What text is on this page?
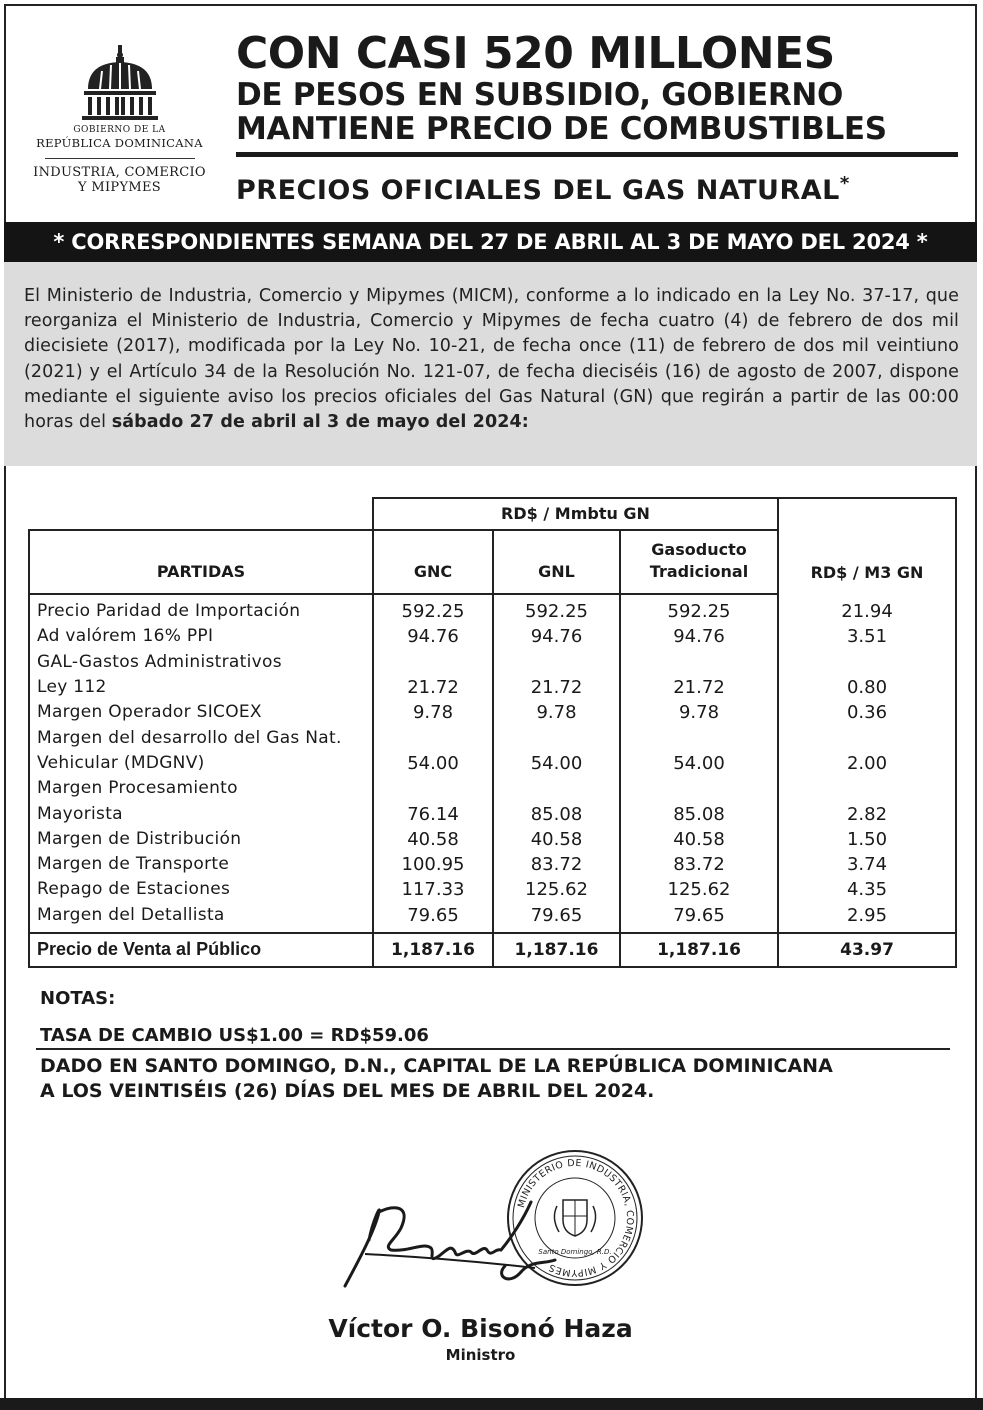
GOBIERNO DE LA
REPÚBLICA DOMINICANA
INDUSTRIA, COMERCIO
Y MIPYMES
CON CASI 520 MILLONES
DE PESOS EN SUBSIDIO, GOBIERNO
MANTIENE PRECIO DE COMBUSTIBLES
PRECIOS OFICIALES DEL GAS NATURAL*
* CORRESPONDIENTES SEMANA DEL 27 DE ABRIL AL 3 DE MAYO DEL 2024 *

El Ministerio de Industria, Comercio y Mipymes (MICM), conforme a lo indicado en la Ley No. 37-17, que reorganiza el Ministerio de Industria, Comercio y Mipymes de fecha cuatro (4) de febrero de dos mil diecisiete (2017), modificada por la Ley No. 10-21, de fecha once (11) de febrero de dos mil veintiuno (2021) y el Artículo 34 de la Resolución No. 121-07, de fecha dieciséis (16) de agosto de 2007, dispone mediante el siguiente aviso los precios oficiales del Gas Natural (GN) que regirán a partir de las 00:00 horas del sábado 27 de abril al 3 de mayo del 2024:

	RD$ / Mmbtu GN			RD$ / M3 GN

PARTIDAS	GNC	GNL	Gasoducto
Tradicional	

Precio Paridad de Importación	592.25	592.25	592.25	21.94
Ad valórem 16% PPI	94.76	94.76	94.76	3.51
GAL-Gastos Administrativos				
Ley 112	21.72	21.72	21.72	0.80
Margen Operador SICOEX	9.78	9.78	9.78	0.36
Margen del desarrollo del Gas Nat.				
Vehicular (MDGNV)	54.00	54.00	54.00	2.00
Margen Procesamiento				
Mayorista	76.14	85.08	85.08	2.82
Margen de Distribución	40.58	40.58	40.58	1.50
Margen de Transporte	100.95	83.72	83.72	3.74
Repago de Estaciones	117.33	125.62	125.62	4.35
Margen del Detallista	79.65	79.65	79.65	2.95
Precio de Venta al Público	1,187.16	1,187.16	1,187.16	43.97
NOTAS:
TASA DE CAMBIO US$1.00 = RD$59.06
DADO EN SANTO DOMINGO, D.N., CAPITAL DE LA REPÚBLICA DOMINICANA
A LOS VEINTISÉIS (26) DÍAS DEL MES DE ABRIL DEL 2024.
MINISTERIO DE INDUSTRIA, COMERCIO Y MIPYMES
Santo Domingo, R.D.
Víctor O. Bisonó Haza
Ministro
